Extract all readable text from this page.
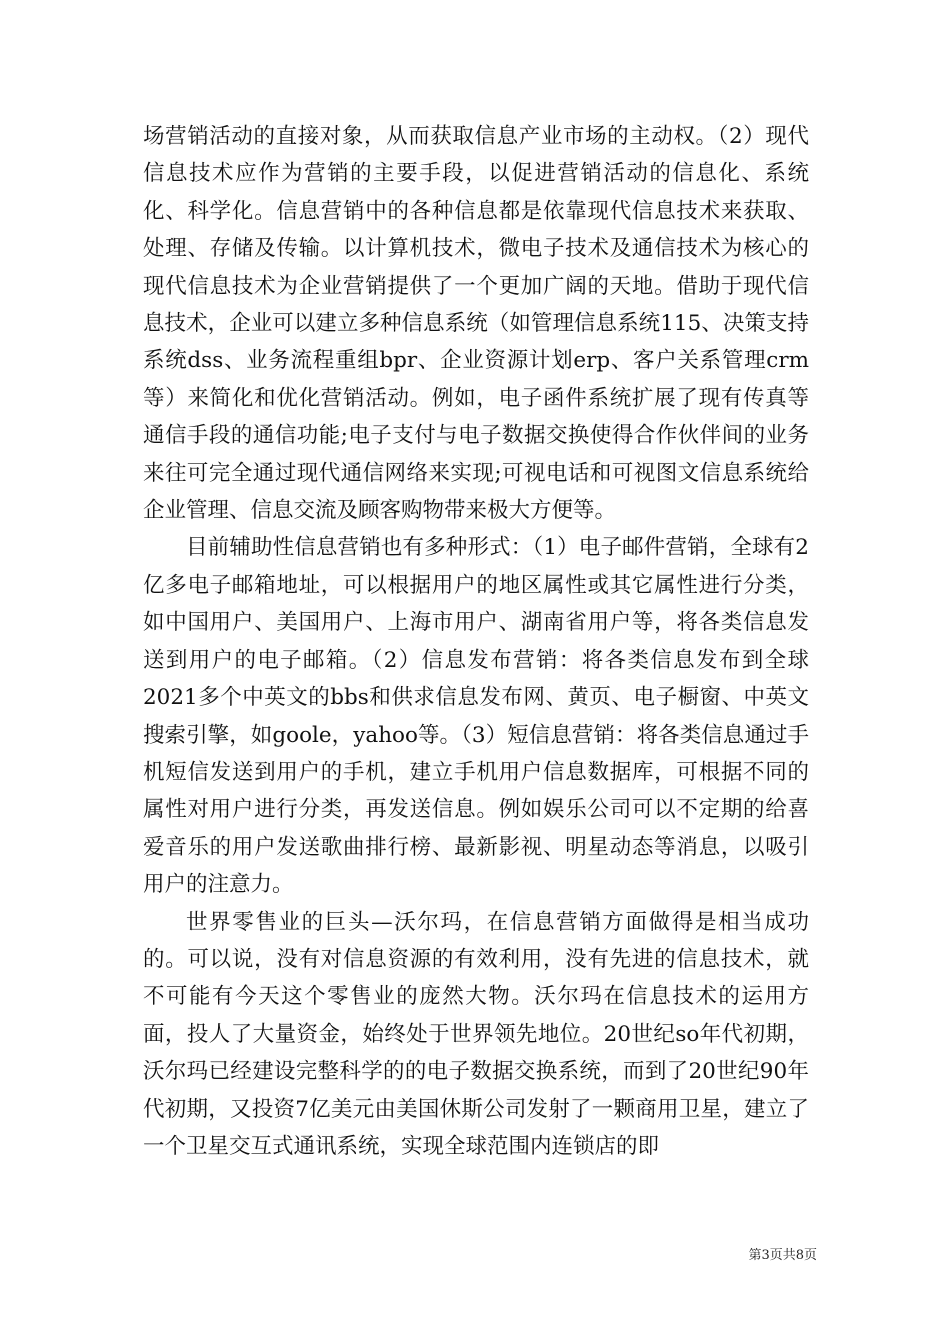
场营销活动的直接对象，从而获取信息产业市场的主动权。（2）现代信息技术应作为营销的主要手段，以促进营销活动的信息化、系统化、科学化。信息营销中的各种信息都是依靠现代信息技术来获取、处理、存储及传输。以计算机技术，微电子技术及通信技术为核心的现代信息技术为企业营销提供了一个更加广阔的天地。借助于现代信息技术，企业可以建立多种信息系统（如管理信息系统115、决策支持系统dss、业务流程重组bpr、企业资源计划erp、客户关系管理crm等）来简化和优化营销活动。例如，电子函件系统扩展了现有传真等通信手段的通信功能;电子支付与电子数据交换使得合作伙伴间的业务来往可完全通过现代通信网络来实现;可视电话和可视图文信息系统给企业管理、信息交流及顾客购物带来极大方便等。

目前辅助性信息营销也有多种形式：（1）电子邮件营销，全球有2亿多电子邮箱地址，可以根据用户的地区属性或其它属性进行分类，如中国用户、美国用户、上海市用户、湖南省用户等，将各类信息发送到用户的电子邮箱。（2）信息发布营销：将各类信息发布到全球2021多个中英文的bbs和供求信息发布网、黄页、电子橱窗、中英文搜索引擎，如goole，yahoo等。（3）短信息营销：将各类信息通过手机短信发送到用户的手机，建立手机用户信息数据库，可根据不同的属性对用户进行分类，再发送信息。例如娱乐公司可以不定期的给喜爱音乐的用户发送歌曲排行榜、最新影视、明星动态等消息，以吸引用户的注意力。

世界零售业的巨头—沃尔玛，在信息营销方面做得是相当成功的。可以说，没有对信息资源的有效利用，没有先进的信息技术，就不可能有今天这个零售业的庞然大物。沃尔玛在信息技术的运用方面，投人了大量资金，始终处于世界领先地位。20世纪so年代初期，沃尔玛已经建设完整科学的的电子数据交换系统，而到了20世纪90年代初期，又投资7亿美元由美国休斯公司发射了一颗商用卫星，建立了一个卫星交互式通讯系统，实现全球范围内连锁店的即

第3页共8页
